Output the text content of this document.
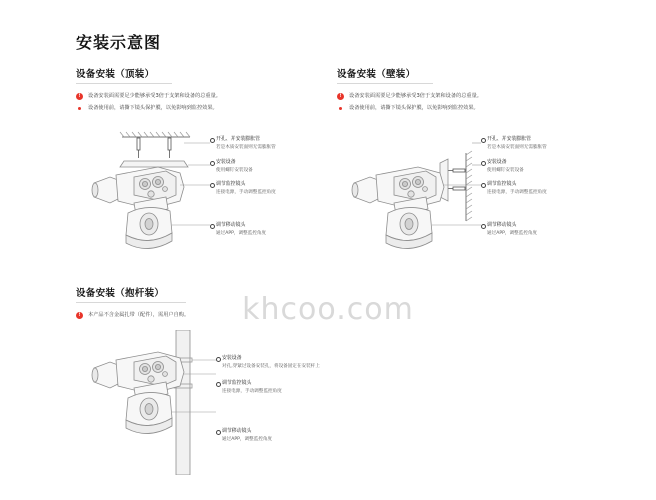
安装示意图
设备安装（顶装）
!	设备安装面需要足少能够承受3倍于支架和设备的总重量。
设备使用前，请撕下镜头保护膜，以免影响到监控效果。
开孔、并安装膨胀管
若是木质安装面则无需膨胀管
安装设备
使用螺钉安装设备
调节监控镜头
连接电源，手动调整监控角度
调节移动镜头
通过APP，调整监控角度
设备安装（壁装）
!	设备安装面需要足少能够承受3倍于支架和设备的总重量。
设备使用前，请撕下镜头保护膜，以免影响到监控效果。
开孔、并安装膨胀管
若是木质安装面则无需膨胀管
安装设备
使用螺钉安装设备
调节监控镜头
连接电源，手动调整监控角度
调节移动镜头
通过APP，调整监控角度
设备安装（抱杆装）
!	本产品不含金属扎带（配件），需用户自购。
安装设备
对孔,穿紧过设备安装孔，将设备固定在安装杆上
调节监控镜头
连接电源，手动调整监控角度
调节移动镜头
通过APP，调整监控角度
khcoo.com
